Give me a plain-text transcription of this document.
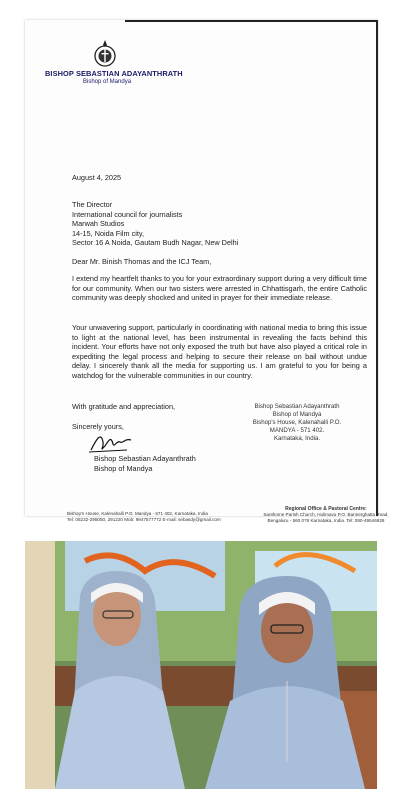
BISHOP SEBASTIAN ADAYANTHRATH
Bishop of Mandya
August 4, 2025
The Director
International council for journalists
Marwah Studios
14-15, Noida Film city,
Sector 16 A Noida, Gautam Budh Nagar, New Delhi
Dear Mr. Binish Thomas and the ICJ Team,
I extend my heartfelt thanks to you for your extraordinary support during a very difficult time for our community. When our two sisters were arrested in Chhattisgarh, the entire Catholic community was deeply shocked and united in prayer for their immediate release.
Your unwavering support, particularly in coordinating with national media to bring this issue to light at the national level, has been instrumental in revealing the facts behind this incident. Your efforts have not only exposed the truth but have also played a critical role in expediting the legal process and helping to secure their release on bail without undue delay. I sincerely thank all the media for supporting us. I am grateful to you for being a watchdog for the vulnerable communities in our country.
With gratitude and appreciation,
Sincerely yours,
Bishop Sebastian Adayanthrath
Bishop of Mandya
Bishop Sebastian Adayanthrath
Bishop of Mandya
Bishop's House, Kalenahalli P.O.
MANDYA - 571 402.
Karnataka, India.
Bishop's House, Kalenahalli P.O. Mandya - 571 402, Karnataka, India
Tel: 08232-295050, 291220 Mob: 9847577772 E-mail: sebasdy@gmail.com
Regional Office & Pastoral Centre:
Santhome Parish Church, Hulimavu P.O. Bannerghatta Road,
Bengaluru - 560 076 Karnataka, India. Tel: 080-49546928
